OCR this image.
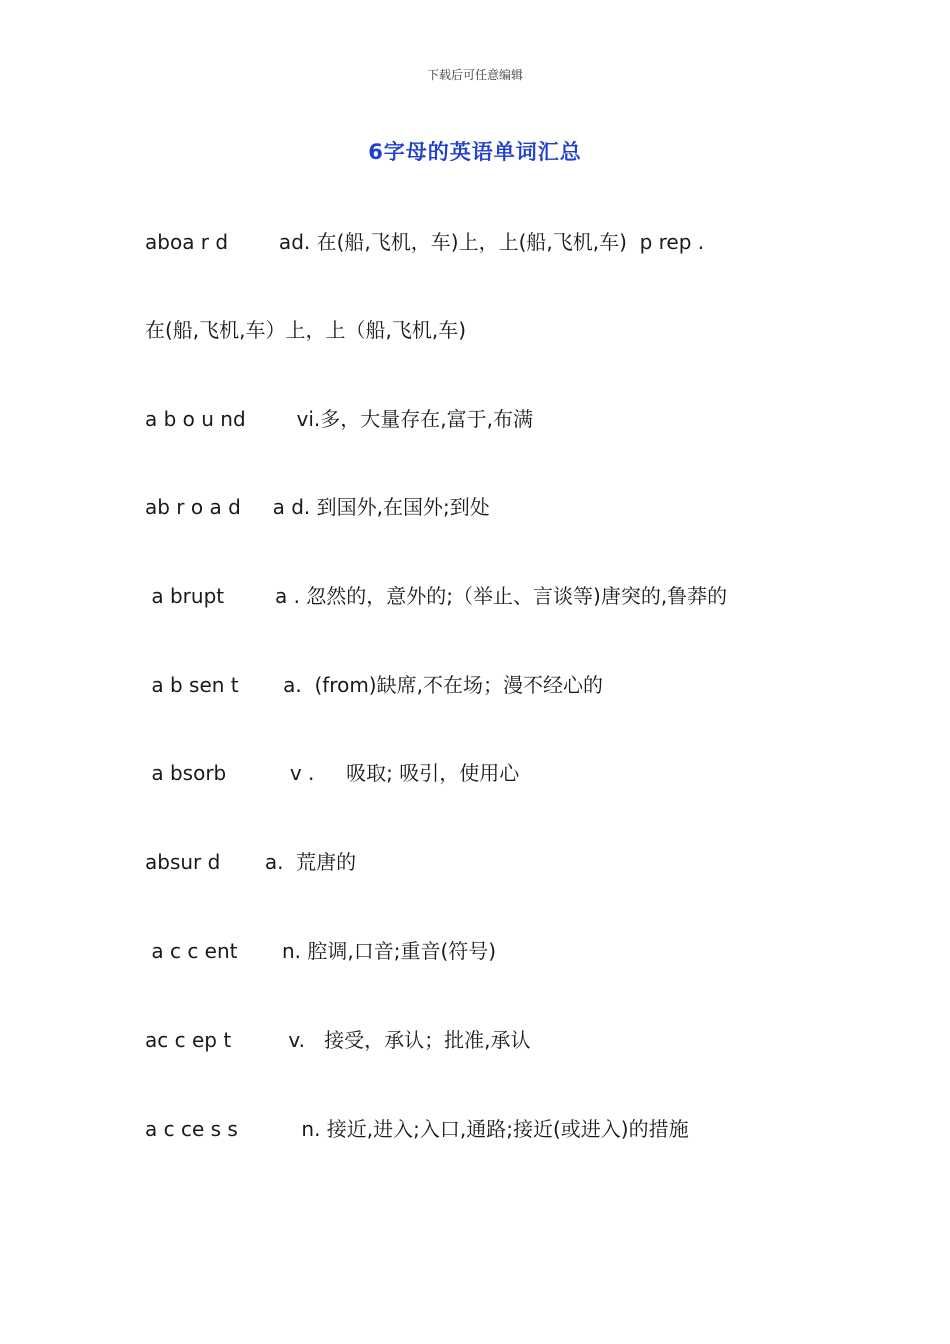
下载后可任意编辑
6字母的英语单词汇总
aboa r d        ad. 在(船,飞机，车)上，上(船,飞机,车)  p rep .
在(船,飞机,车）上，上（船,飞机,车)
a b o u nd        vi.多，大量存在,富于,布满
ab r o a d     a d. 到国外,在国外;到处
a brupt        a . 忽然的，意外的;（举止、言谈等)唐突的,鲁莽的
a b sen t       a.  (from)缺席,不在场；漫不经心的
a bsorb          v .     吸取; 吸引，使用心
absur d       a.  荒唐的
a c c ent       n. 腔调,口音;重音(符号)
ac c ep t         v.   接受，承认；批准,承认
a c ce s s          n. 接近,进入;入口,通路;接近(或进入)的措施
